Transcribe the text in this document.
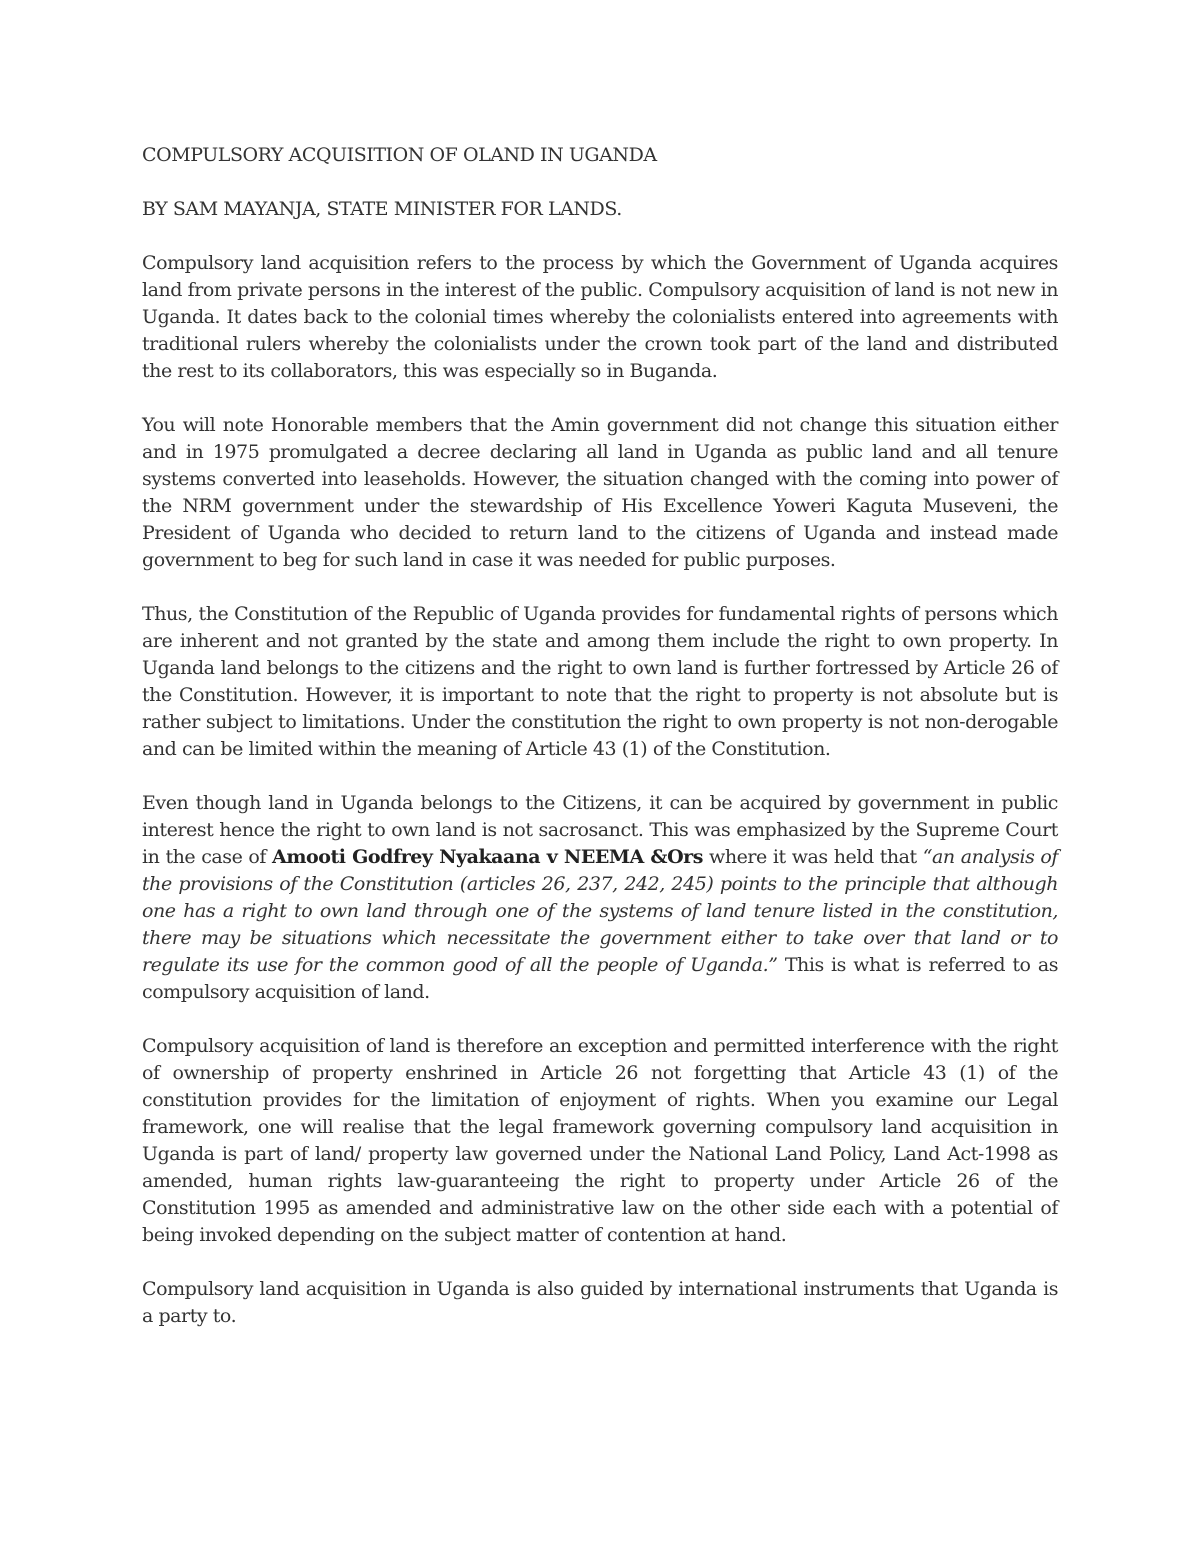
COMPULSORY ACQUISITION OF OLAND IN UGANDA
BY SAM MAYANJA, STATE MINISTER FOR LANDS.

Compulsory land acquisition refers to the process by which the Government of Uganda acquires land from private persons in the interest of the public. Compulsory acquisition of land is not new in Uganda. It dates back to the colonial times whereby the colonialists entered into agreements with traditional rulers whereby the colonialists under the crown took part of the land and distributed the rest to its collaborators, this was especially so in Buganda.

You will note Honorable members that the Amin government did not change this situation either and in 1975 promulgated a decree declaring all land in Uganda as public land and all tenure systems converted into leaseholds. However, the situation changed with the coming into power of the NRM government under the stewardship of His Excellence Yoweri Kaguta Museveni, the President of Uganda who decided to return land to the citizens of Uganda and instead made government to beg for such land in case it was needed for public purposes.

Thus, the Constitution of the Republic of Uganda provides for fundamental rights of persons which are inherent and not granted by the state and among them include the right to own property. In Uganda land belongs to the citizens and the right to own land is further fortressed by Article 26 of the Constitution. However, it is important to note that the right to property is not absolute but is rather subject to limitations. Under the constitution the right to own property is not non-derogable and can be limited within the meaning of Article 43 (1) of the Constitution.

Even though land in Uganda belongs to the Citizens, it can be acquired by government in public interest hence the right to own land is not sacrosanct. This was emphasized by the Supreme Court in the case of Amooti Godfrey Nyakaana v NEEMA &Ors where it was held that “an analysis of the provisions of the Constitution (articles 26, 237, 242, 245) points to the principle that although one has a right to own land through one of the systems of land tenure listed in the constitution, there may be situations which necessitate the government either to take over that land or to regulate its use for the common good of all the people of Uganda.” This is what is referred to as compulsory acquisition of land.

Compulsory acquisition of land is therefore an exception and permitted interference with the right of ownership of property enshrined in Article 26 not forgetting that Article 43 (1) of the constitution provides for the limitation of enjoyment of rights. When you examine our Legal framework, one will realise that the legal framework governing compulsory land acquisition in Uganda is part of land/ property law governed under the National Land Policy, Land Act-1998 as amended, human rights law-guaranteeing the right to property under Article 26 of the Constitution 1995 as amended and administrative law on the other side each with a potential of being invoked depending on the subject matter of contention at hand.

Compulsory land acquisition in Uganda is also guided by international instruments that Uganda is a party to.
